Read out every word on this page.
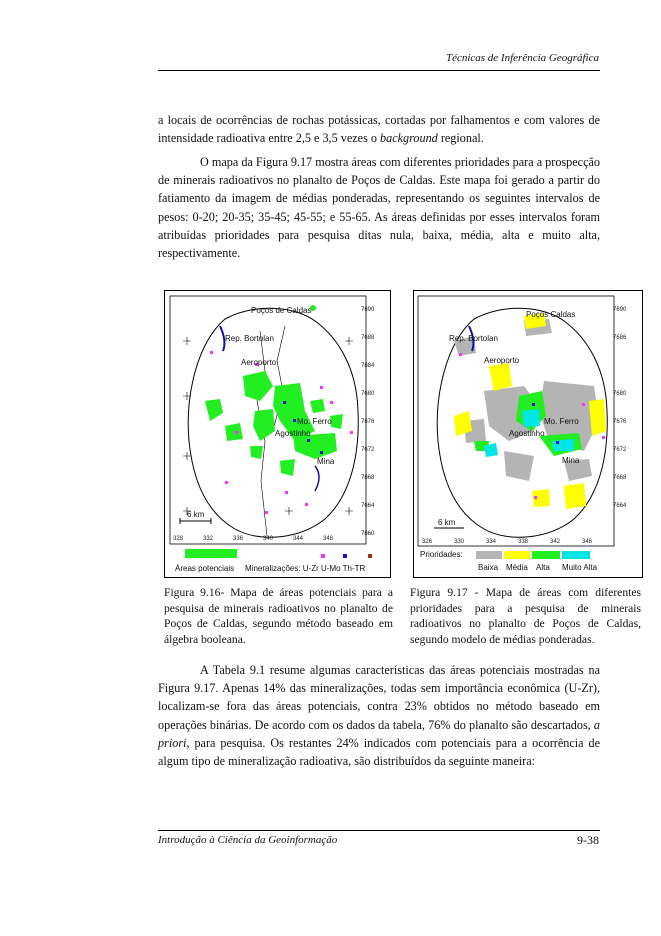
Técnicas de Inferência Geográfica

a locais de ocorrências de rochas potássicas, cortadas por falhamentos e com valores de intensidade radioativa entre 2,5 e 3,5 vezes o background regional.

O mapa da Figura 9.17 mostra áreas com diferentes prioridades para a prospecção de minerais radioativos no planalto de Poços de Caldas. Este mapa foi gerado a partir do fatiamento da imagem de médias ponderadas, representando os seguintes intervalos de pesos: 0-20; 20-35; 35-45; 45-55; e 55-65. As áreas definidas por esses intervalos foram atribuídas prioridades para pesquisa ditas nula, baixa, média, alta e muito alta, respectivamente.

7690
7688
7684
7680
7676
7672
7668
7664
7660
328	332	336	340	344	348
Poços de Caldas
Rep. Bortolan
Aeroporto
Mo. Ferro
Agostinho
Mina
6 km
Áreas potenciais Mineralizações: U-Zr U-Mo Th-TR
7690
7686
7680
7676
7672
7668
7664
326	330	334	338	342	346
Poços Caldas
Rep. Bortolan
Aeroporto
Mo. Ferro
Agostinho
Mina
6 km
Prioridades:
Baixa Média Alta Muito Alta

Figura 9.16- Mapa de áreas potenciais para a pesquisa de minerais radioativos no planalto de Poços de Caldas, segundo método baseado em álgebra booleana.

Figura 9.17 - Mapa de áreas com diferentes prioridades para a pesquisa de minerais radioativos no planalto de Poços de Caldas, segundo modelo de médias ponderadas.

A Tabela 9.1 resume algumas características das áreas potenciais mostradas na Figura 9.17. Apenas 14% das mineralizações, todas sem importância econômica (U-Zr), localizam-se fora das áreas potenciais, contra 23% obtidos no método baseado em operações binárias. De acordo com os dados da tabela, 76% do planalto são descartados, a priori, para pesquisa. Os restantes 24% indicados com potenciais para a ocorrência de algum tipo de mineralização radioativa, são distribuídos da seguinte maneira:

Introdução à Ciência da Geoinformação	9-38
